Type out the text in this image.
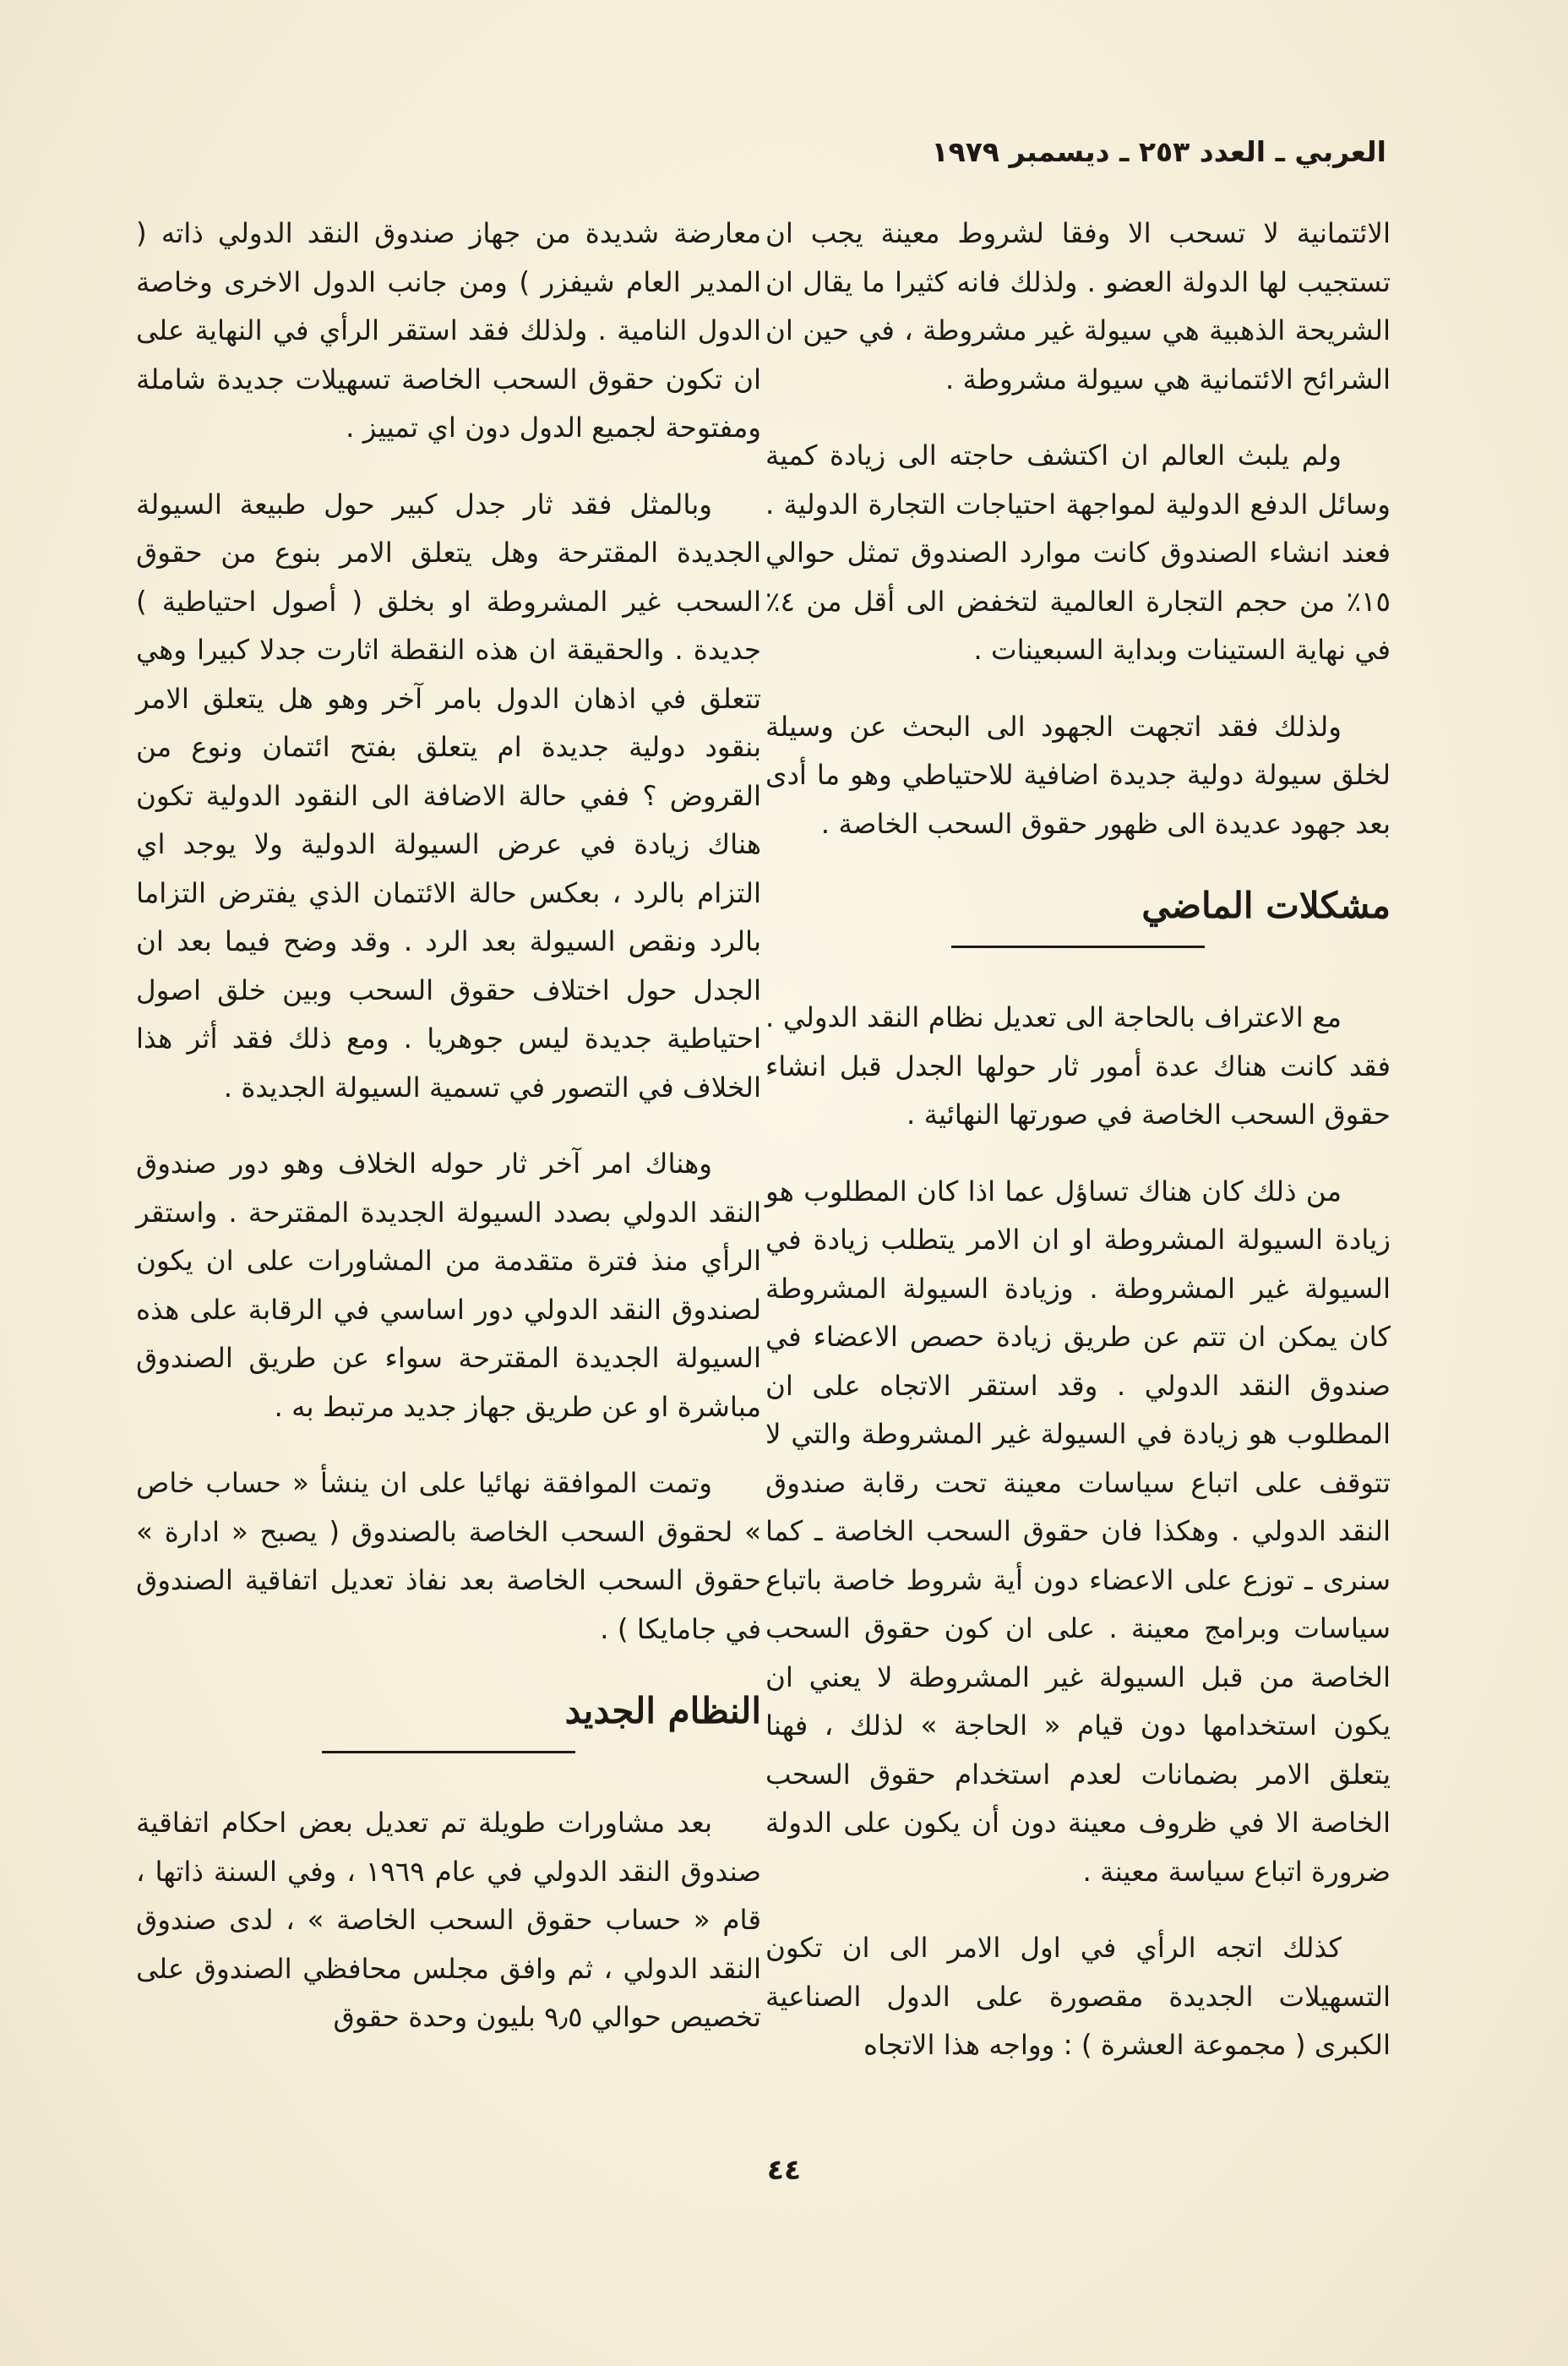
العربي ـ العدد ٢٥٣ ـ ديسمبر ١٩٧٩

الائتمانية لا تسحب الا وفقا لشروط معينة يجب ان تستجيب لها الدولة العضو . ولذلك فانه كثيرا ما يقال ان الشريحة الذهبية هي سيولة غير مشروطة ، في حين ان الشرائح الائتمانية هي سيولة مشروطة .

ولم يلبث العالم ان اكتشف حاجته الى زيادة كمية وسائل الدفع الدولية لمواجهة احتياجات التجارة الدولية . فعند انشاء الصندوق كانت موارد الصندوق تمثل حوالي ١٥٪ من حجم التجارة العالمية لتخفض الى أقل من ٤٪ في نهاية الستينات وبداية السبعينات .

ولذلك فقد اتجهت الجهود الى البحث عن وسيلة لخلق سيولة دولية جديدة اضافية للاحتياطي وهو ما أدى بعد جهود عديدة الى ظهور حقوق السحب الخاصة .

مشكلات الماضي

مع الاعتراف بالحاجة الى تعديل نظام النقد الدولي . فقد كانت هناك عدة أمور ثار حولها الجدل قبل انشاء حقوق السحب الخاصة في صورتها النهائية .

من ذلك كان هناك تساؤل عما اذا كان المطلوب هو زيادة السيولة المشروطة او ان الامر يتطلب زيادة في السيولة غير المشروطة . وزيادة السيولة المشروطة كان يمكن ان تتم عن طريق زيادة حصص الاعضاء في صندوق النقد الدولي . وقد استقر الاتجاه على ان المطلوب هو زيادة في السيولة غير المشروطة والتي لا تتوقف على اتباع سياسات معينة تحت رقابة صندوق النقد الدولي . وهكذا فان حقوق السحب الخاصة ـ كما سنرى ـ توزع على الاعضاء دون أية شروط خاصة باتباع سياسات وبرامج معينة . على ان كون حقوق السحب الخاصة من قبل السيولة غير المشروطة لا يعني ان يكون استخدامها دون قيام « الحاجة » لذلك ، فهنا يتعلق الامر بضمانات لعدم استخدام حقوق السحب الخاصة الا في ظروف معينة دون أن يكون على الدولة ضرورة اتباع سياسة معينة .

كذلك اتجه الرأي في اول الامر الى ان تكون التسهيلات الجديدة مقصورة على الدول الصناعية الكبرى ( مجموعة العشرة ) : وواجه هذا الاتجاه

معارضة شديدة من جهاز صندوق النقد الدولي ذاته ( المدير العام شيفزر ) ومن جانب الدول الاخرى وخاصة الدول النامية . ولذلك فقد استقر الرأي في النهاية على ان تكون حقوق السحب الخاصة تسهيلات جديدة شاملة ومفتوحة لجميع الدول دون اي تمييز .

وبالمثل فقد ثار جدل كبير حول طبيعة السيولة الجديدة المقترحة وهل يتعلق الامر بنوع من حقوق السحب غير المشروطة او بخلق ( أصول احتياطية ) جديدة . والحقيقة ان هذه النقطة اثارت جدلا كبيرا وهي تتعلق في اذهان الدول بامر آخر وهو هل يتعلق الامر بنقود دولية جديدة ام يتعلق بفتح ائتمان ونوع من القروض ؟ ففي حالة الاضافة الى النقود الدولية تكون هناك زيادة في عرض السيولة الدولية ولا يوجد اي التزام بالرد ، بعكس حالة الائتمان الذي يفترض التزاما بالرد ونقص السيولة بعد الرد . وقد وضح فيما بعد ان الجدل حول اختلاف حقوق السحب وبين خلق اصول احتياطية جديدة ليس جوهريا . ومع ذلك فقد أثر هذا الخلاف في التصور في تسمية السيولة الجديدة .

وهناك امر آخر ثار حوله الخلاف وهو دور صندوق النقد الدولي بصدد السيولة الجديدة المقترحة . واستقر الرأي منذ فترة متقدمة من المشاورات على ان يكون لصندوق النقد الدولي دور اساسي في الرقابة على هذه السيولة الجديدة المقترحة سواء عن طريق الصندوق مباشرة او عن طريق جهاز جديد مرتبط به .

وتمت الموافقة نهائيا على ان ينشأ « حساب خاص » لحقوق السحب الخاصة بالصندوق ( يصبح « ادارة » حقوق السحب الخاصة بعد نفاذ تعديل اتفاقية الصندوق في جامايكا ) .

النظام الجديد

بعد مشاورات طويلة تم تعديل بعض احكام اتفاقية صندوق النقد الدولي في عام ١٩٦٩ ، وفي السنة ذاتها ، قام « حساب حقوق السحب الخاصة » ، لدى صندوق النقد الدولي ، ثم وافق مجلس محافظي الصندوق على تخصيص حوالي ٩٫٥ بليون وحدة حقوق

٤٤
